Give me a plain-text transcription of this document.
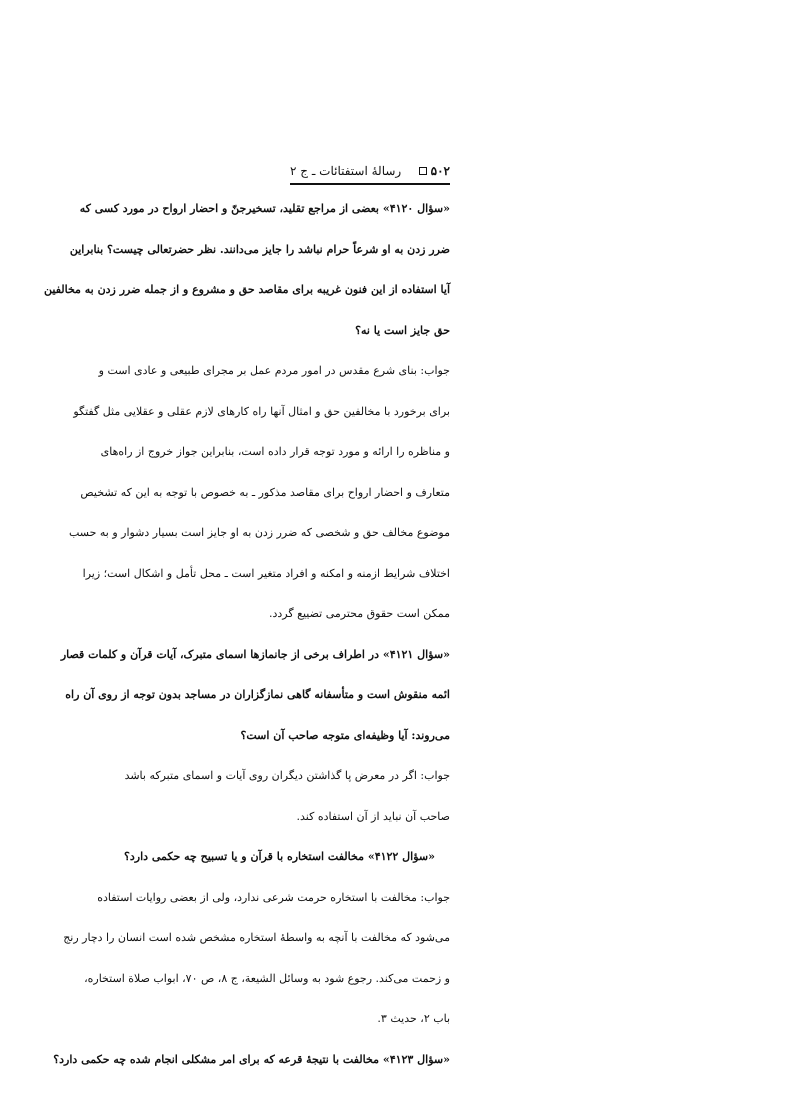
۵۰۲
رسالهٔ استفتائات ـ ج ۲
«سؤال ۴۱۲۰» بعضی از مراجع تقلید، تسخیرجنّ و احضار ارواح در مورد کسی که
ضرر زدن به او شرعاً حرام نباشد را جایز می‌دانند. نظر حضرتعالی چیست؟ بنابراین
آیا استفاده از این فنون غریبه برای مقاصد حق و مشروع و از جمله ضرر زدن به مخالفین
حق جایز است یا نه؟
جواب: بنای شرع مقدس در امور مردم عمل بر مجرای طبیعی و عادی است و
برای برخورد با مخالفین حق و امثال آنها راه کارهای لازم عقلی و عقلایی مثل گفتگو
و مناظره را ارائه و مورد توجه قرار داده است، بنابراین جواز خروج از راه‌های
متعارف و احضار ارواح برای مقاصد مذکور ـ به خصوص با توجه به این که تشخیص
موضوع مخالف حق و شخصی که ضرر زدن به او جایز است بسیار دشوار و به حسب
اختلاف شرایط ازمنه و امکنه و افراد متغیر است ـ محل تأمل و اشکال است؛ زیرا
ممکن است حقوق محترمی تضییع گردد.
«سؤال ۴۱۲۱» در اطراف برخی از جانمازها اسمای متبرک، آیات قرآن و کلمات قصار
ائمه منقوش است و متأسفانه گاهی نمازگزاران در مساجد بدون توجه از روی آن راه
می‌روند: آیا وظیفه‌ای متوجه صاحب آن است؟
جواب: اگر در معرض پا گذاشتن دیگران روی آیات و اسمای متبرکه باشد
صاحب آن نباید از آن استفاده کند.
«سؤال ۴۱۲۲» مخالفت استخاره با قرآن و یا تسبیح چه حکمی دارد؟
جواب: مخالفت با استخاره حرمت شرعی ندارد، ولی از بعضی روایات استفاده
می‌شود که مخالفت با آنچه به واسطهٔ استخاره مشخص شده است انسان را دچار رنج
و زحمت می‌کند. رجوع شود به وسائل الشیعة، ج ۸، ص ۷۰، ابواب صلاة استخاره،
باب ۲، حدیث ۳.
«سؤال ۴۱۲۳» مخالفت با نتیجهٔ قرعه که برای امر مشکلی انجام شده چه حکمی دارد؟
